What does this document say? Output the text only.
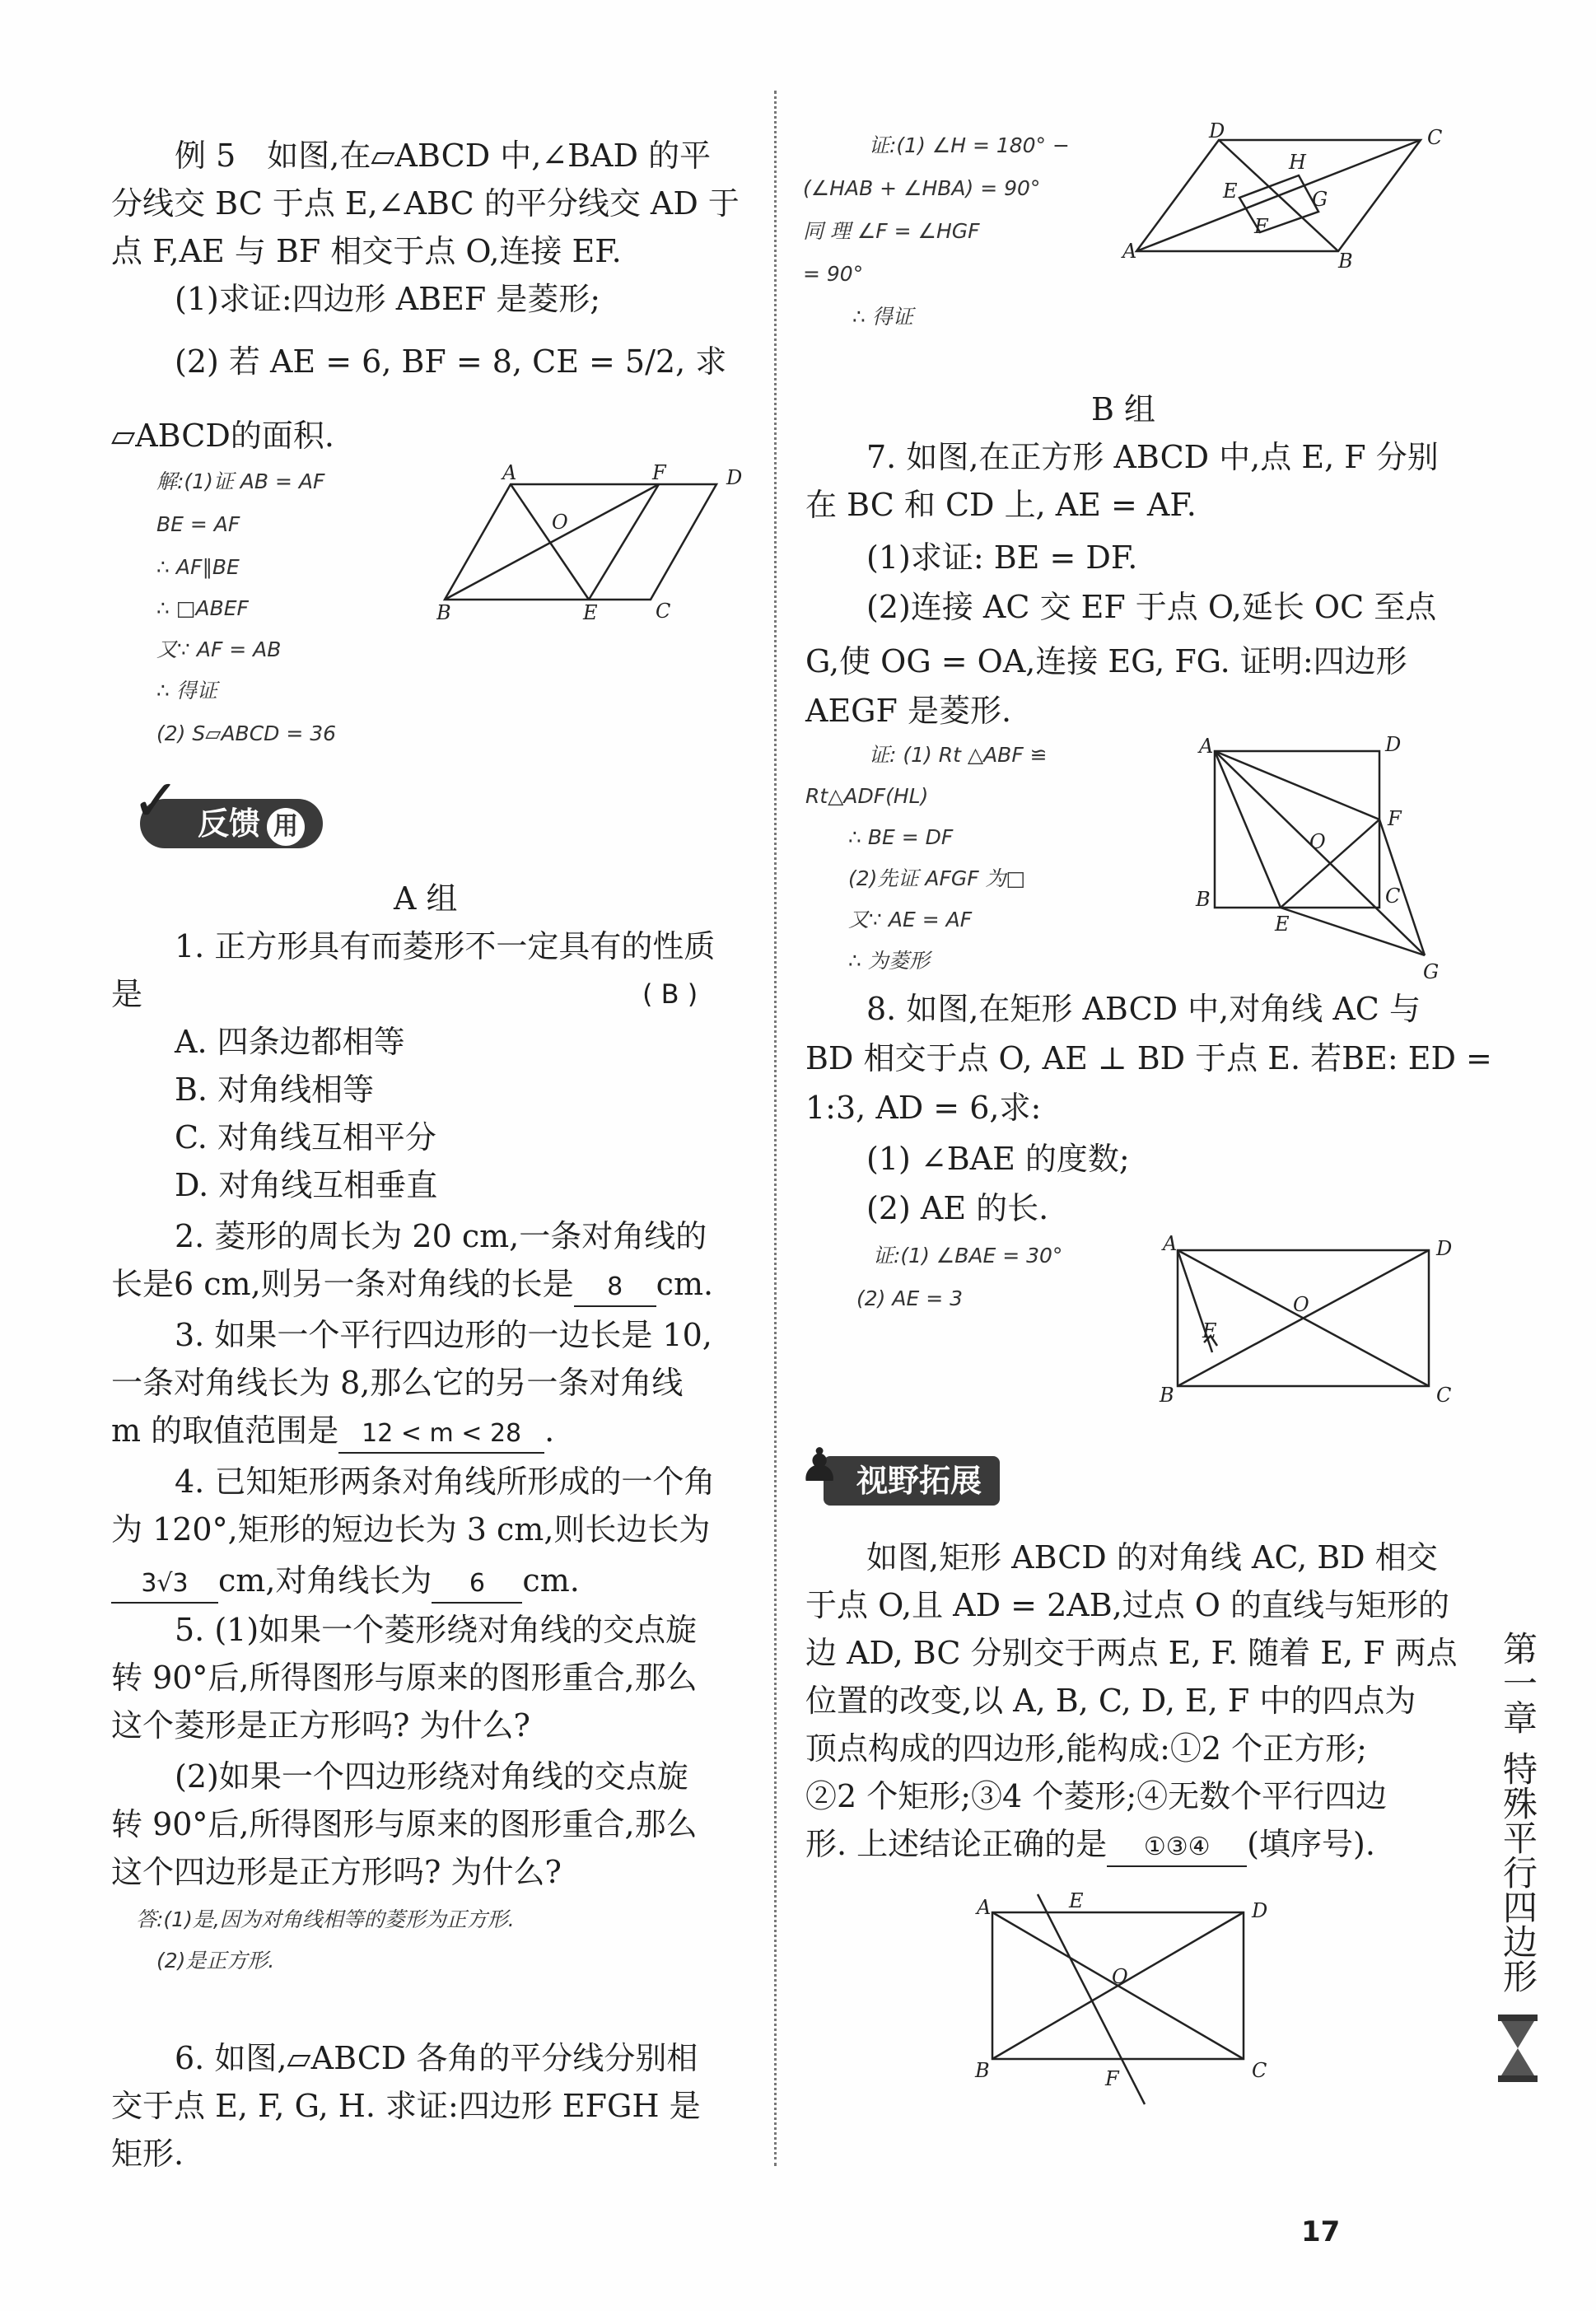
例 5　如图,在▱ABCD 中,∠BAD 的平
分线交 BC 于点 E,∠ABC 的平分线交 AD 于
点 F,AE 与 BF 相交于点 O,连接 EF.
(1)求证:四边形 ABEF 是菱形;
(2) 若 AE = 6, BF = 8, CE = 5/2, 求
▱ABCD的面积.
解:(1)证 AB = AF
BE = AF
∴ AF∥BE
∴ □ABEF
又∵ AF = AB
∴ 得证
(2) S▱ABCD = 36
A	F	D
O
B	E	C
✓ 反馈 用
A 组
1. 正方形具有而菱形不一定具有的性质
是	( B )
A. 四条边都相等
B. 对角线相等
C. 对角线互相平分
D. 对角线互相垂直
2. 菱形的周长为 20 cm,一条对角线的
长是6 cm,则另一条对角线的长是 8 cm.
3. 如果一个平行四边形的一边长是 10,
一条对角线长为 8,那么它的另一条对角线
m 的取值范围是 12 < m < 28 .
4. 已知矩形两条对角线所形成的一个角
为 120°,矩形的短边长为 3 cm,则长边长为
3√3 cm,对角线长为 6 cm.
5. (1)如果一个菱形绕对角线的交点旋
转 90°后,所得图形与原来的图形重合,那么
这个菱形是正方形吗? 为什么?
(2)如果一个四边形绕对角线的交点旋
转 90°后,所得图形与原来的图形重合,那么
这个四边形是正方形吗? 为什么?
答:(1)是,因为对角线相等的菱形为正方形.
(2)是正方形.
6. 如图,▱ABCD 各角的平分线分别相
交于点 E, F, G, H. 求证:四边形 EFGH 是
矩形.
证:(1) ∠H = 180° −
(∠HAB + ∠HBA) = 90°
同 理 ∠F = ∠HGF
= 90°
∴ 得证
D	C
H
E	G
F
A	B
B 组
7. 如图,在正方形 ABCD 中,点 E, F 分别
在 BC 和 CD 上, AE = AF.
(1)求证: BE = DF.
(2)连接 AC 交 EF 于点 O,延长 OC 至点
G,使 OG = OA,连接 EG, FG. 证明:四边形
AEGF 是菱形.
证: (1) Rt △ABF ≌
Rt△ADF(HL)
∴ BE = DF
(2)先证 AFGF 为□
又∵ AE = AF
∴ 为菱形
A	D
F
O
B
E
C
G
8. 如图,在矩形 ABCD 中,对角线 AC 与
BD 相交于点 O, AE ⊥ BD 于点 E. 若BE: ED =
1:3, AD = 6,求:
(1) ∠BAE 的度数;
(2) AE 的长.
证:(1) ∠BAE = 30°
(2) AE = 3
A	D
O
E
B	C
♟ 视野拓展
如图,矩形 ABCD 的对角线 AC, BD 相交
于点 O,且 AD = 2AB,过点 O 的直线与矩形的
边 AD, BC 分别交于两点 E, F. 随着 E, F 两点
位置的改变,以 A, B, C, D, E, F 中的四点为
顶点构成的四边形,能构成:①2 个正方形;
②2 个矩形;③4 个菱形;④无数个平行四边
形. 上述结论正确的是 ①③④ (填序号).
A	E	D
O
B	F	C
第一章
特殊平行四边形
17
